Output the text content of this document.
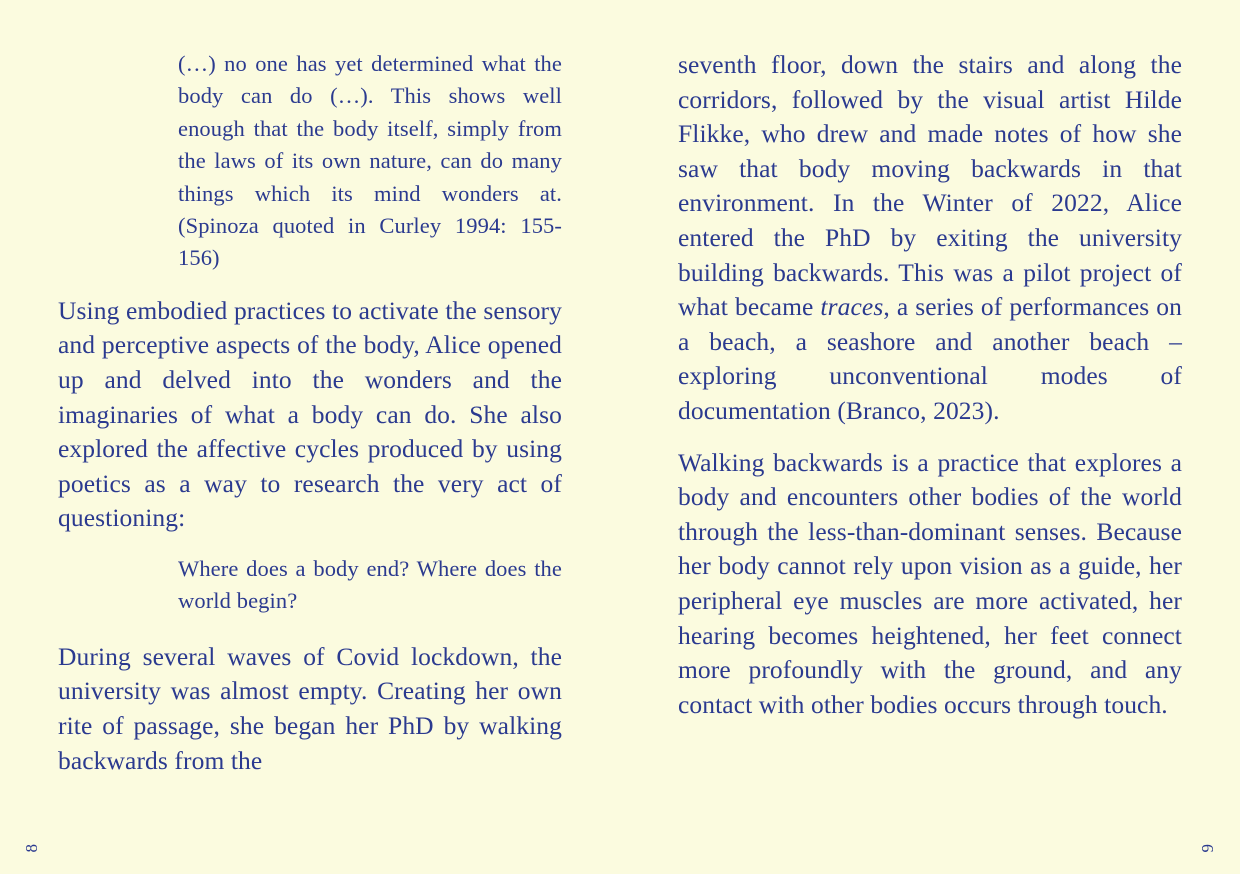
(…) no one has yet determined what the body can do (…). This shows well enough that the body itself, simply from the laws of its own nature, can do many things which its mind wonders at. (Spinoza quoted in Curley 1994: 155-156)

Using embodied practices to activate the sensory and perceptive aspects of the body, Alice opened up and delved into the wonders and the imaginaries of what a body can do. She also explored the affective cycles produced by using poetics as a way to research the very act of questioning:

Where does a body end? Where does the world begin?

During several waves of Covid lockdown, the university was almost empty. Creating her own rite of passage, she began her PhD by walking backwards from the

8

seventh floor, down the stairs and along the corridors, followed by the visual artist Hilde Flikke, who drew and made notes of how she saw that body moving backwards in that environment. In the Winter of 2022, Alice entered the PhD by exiting the university building backwards. This was a pilot project of what became traces, a series of performances on a beach, a seashore and another beach – exploring unconventional modes of documentation (Branco, 2023).

Walking backwards is a practice that explores a body and encounters other bodies of the world through the less-than-dominant senses. Because her body cannot rely upon vision as a guide, her peripheral eye muscles are more activated, her hearing becomes heightened, her feet connect more profoundly with the ground, and any contact with other bodies occurs through touch.

9
